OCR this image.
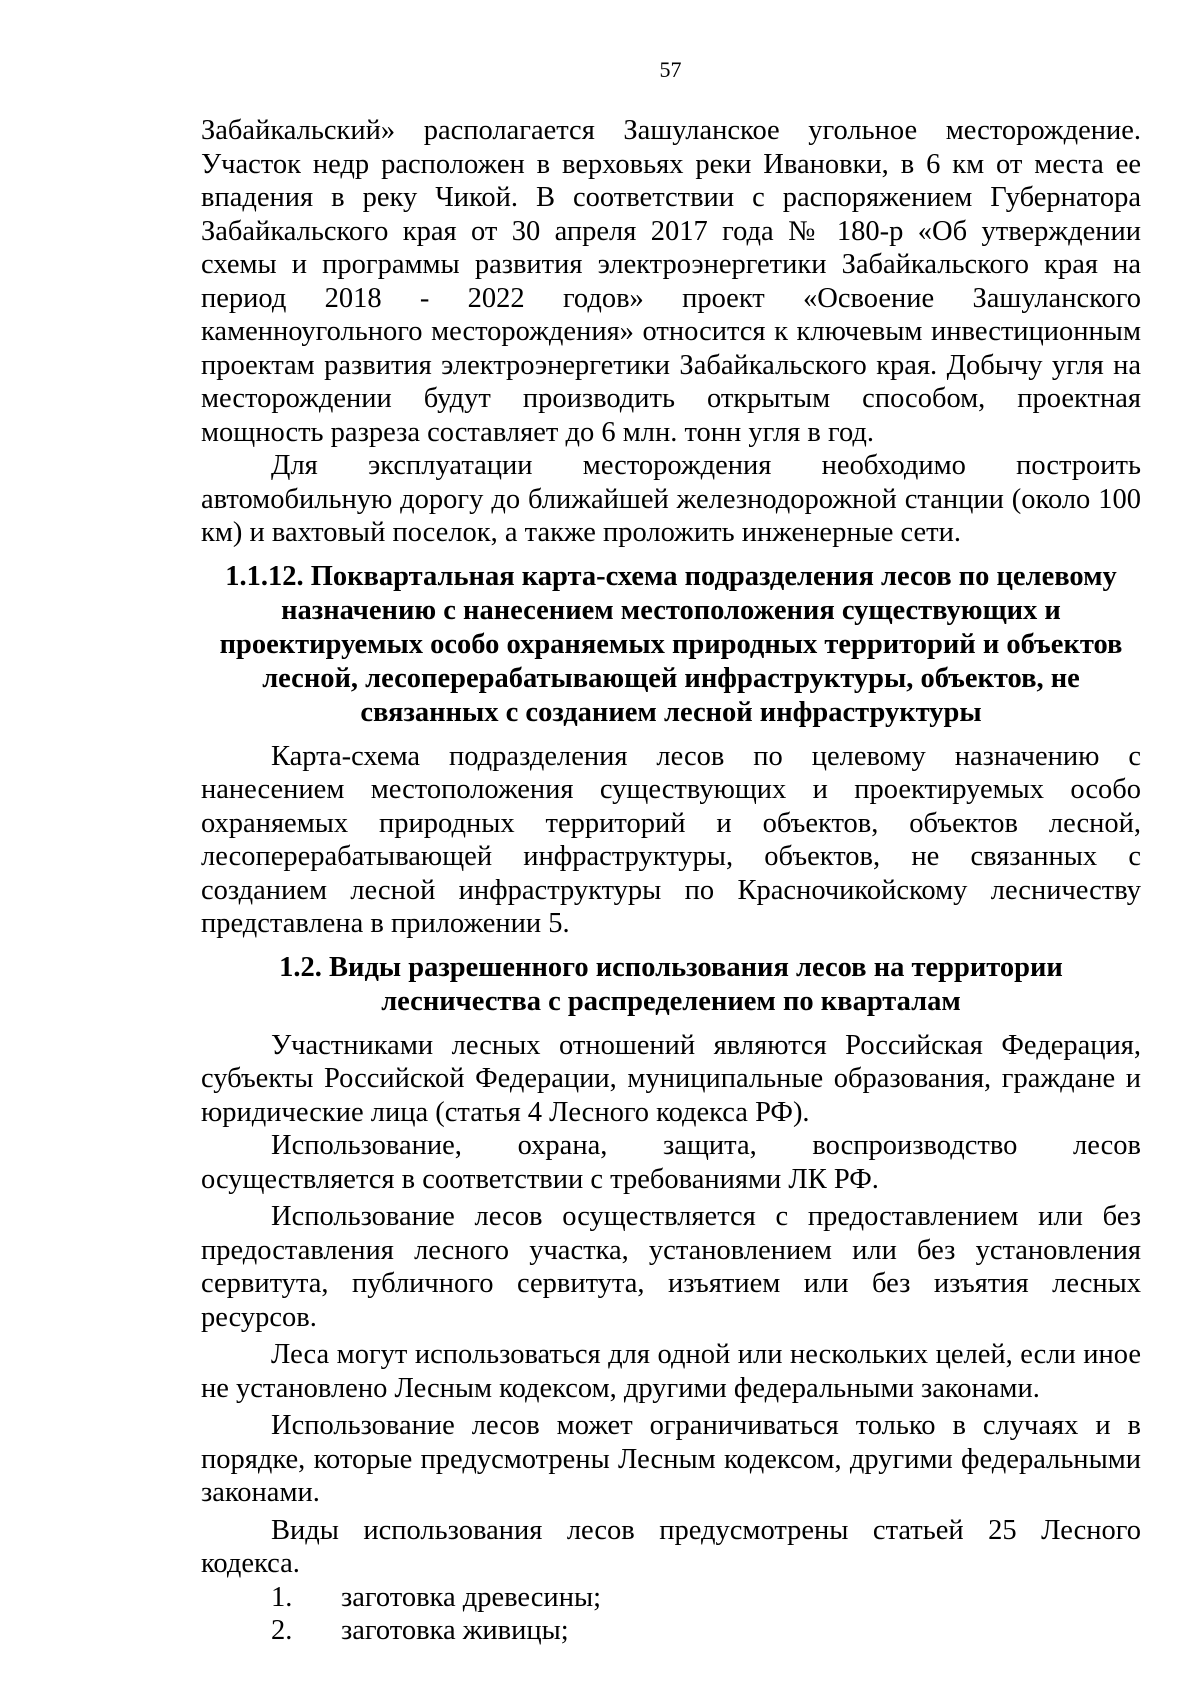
57

Забайкальский» располагается Зашуланское угольное месторождение. Участок недр расположен в верховьях реки Ивановки, в 6 км от места ее впадения в реку Чикой. В соответствии с распоряжением Губернатора Забайкальского края от 30 апреля 2017 года № 180-р «Об утверждении схемы и программы развития электроэнергетики Забайкальского края на период 2018 - 2022 годов» проект «Освоение Зашуланского каменноугольного месторождения» относится к ключевым инвестиционным проектам развития электроэнергетики Забайкальского края. Добычу угля на месторождении будут производить открытым способом, проектная мощность разреза составляет до 6 млн. тонн угля в год.

Для эксплуатации месторождения необходимо построить автомобильную дорогу до ближайшей железнодорожной станции (около 100 км) и вахтовый поселок, а также проложить инженерные сети.

1.1.12. Поквартальная карта-схема подразделения лесов по целевому назначению с нанесением местоположения существующих и проектируемых особо охраняемых природных территорий и объектов лесной, лесоперерабатывающей инфраструктуры, объектов, не связанных с созданием лесной инфраструктуры

Карта-схема подразделения лесов по целевому назначению с нанесением местоположения существующих и проектируемых особо охраняемых природных территорий и объектов, объектов лесной, лесоперерабатывающей инфраструктуры, объектов, не связанных с созданием лесной инфраструктуры по Красночикойскому лесничеству представлена в приложении 5.

1.2. Виды разрешенного использования лесов на территории лесничества с распределением по кварталам

Участниками лесных отношений являются Российская Федерация, субъекты Российской Федерации, муниципальные образования, граждане и юридические лица (статья 4 Лесного кодекса РФ).

Использование, охрана, защита, воспроизводство лесов осуществляется в соответствии с требованиями ЛК РФ.

Использование лесов осуществляется с предоставлением или без предоставления лесного участка, установлением или без установления сервитута, публичного сервитута, изъятием или без изъятия лесных ресурсов.

Леса могут использоваться для одной или нескольких целей, если иное не установлено Лесным кодексом, другими федеральными законами.

Использование лесов может ограничиваться только в случаях и в порядке, которые предусмотрены Лесным кодексом, другими федеральными законами.

Виды использования лесов предусмотрены статьей 25 Лесного кодекса.

1.	заготовка древесины;
2.	заготовка живицы;
